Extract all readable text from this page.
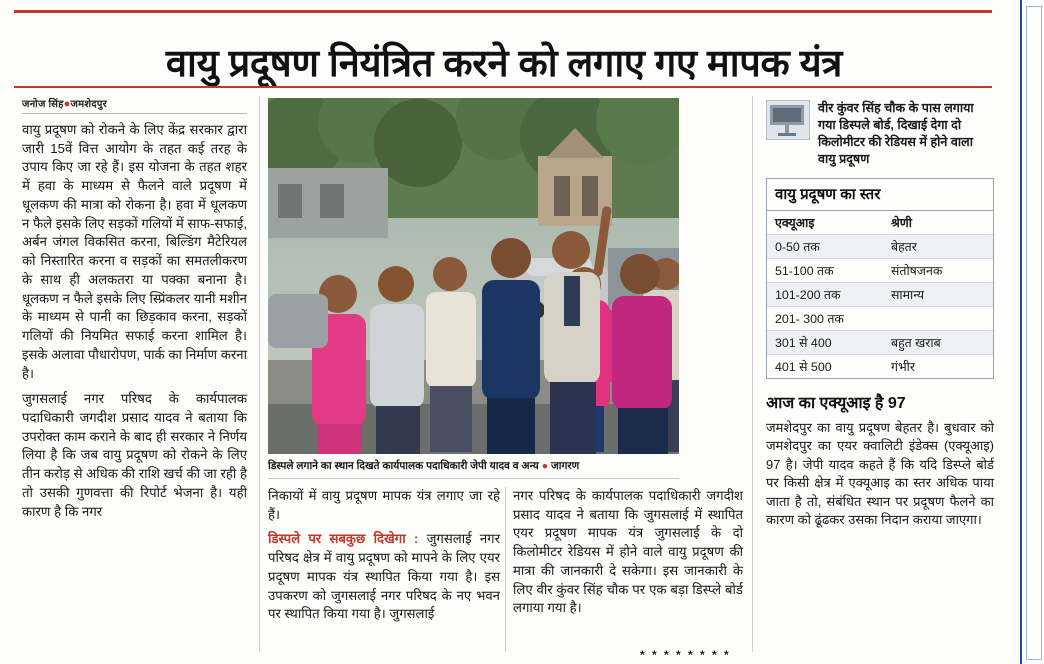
वायु प्रदूषण नियंत्रित करने को लगाए गए मापक यंत्र
जनोज सिंह●जमशेदपुर

वायु प्रदूषण को रोकने के लिए केंद्र सरकार द्वारा जारी 15वें वित्त आयोग के तहत कई तरह के उपाय किए जा रहे हैं। इस योजना के तहत शहर में हवा के माध्यम से फैलने वाले प्रदूषण में धूलकण की मात्रा को रोकना है। हवा में धूलकण न फैले इसके लिए सड़कों गलियों में साफ-सफाई, अर्बन जंगल विकसित करना, बिल्डिंग मैटेरियल को निस्तारित करना व सड़कों का समतलीकरण के साथ ही अलकतरा या पक्का बनाना है। धूलकण न फैले इसके लिए स्प्रिंकलर यानी मशीन के माध्यम से पानी का छिड़काव करना, सड़कों गलियों की नियमित सफाई करना शामिल है। इसके अलावा पौधारोपण, पार्क का निर्माण करना है।

जुगसलाई नगर परिषद के कार्यपालक पदाधिकारी जगदीश प्रसाद यादव ने बताया कि उपरोक्त काम कराने के बाद ही सरकार ने निर्णय लिया है कि जब वायु प्रदूषण को रोकने के लिए तीन करोड़ से अधिक की राशि खर्च की जा रही है तो उसकी गुणवत्ता की रिपोर्ट भेजना है। यही कारण है कि नगर

डिस्पले लगाने का स्थान दिखते कार्यपालक पदाधिकारी जेपी यादव व अन्य ● जागरण

निकायों में वायु प्रदूषण मापक यंत्र लगाए जा रहे हैं।

डिस्पले पर सबकुछ दिखेगा : जुगसलाई नगर परिषद क्षेत्र में वायु प्रदूषण को मापने के लिए एयर प्रदूषण मापक यंत्र स्थापित किया गया है। इस उपकरण को जुगसलाई नगर परिषद के नए भवन पर स्थापित किया गया है। जुगसलाई

नगर परिषद के कार्यपालक पदाधिकारी जगदीश प्रसाद यादव ने बताया कि जुगसलाई में स्थापित एयर प्रदूषण मापक यंत्र जुगसलाई के दो किलोमीटर रेडियस में होने वाले वायु प्रदूषण की मात्रा की जानकारी दे सकेगा। इस जानकारी के लिए वीर कुंवर सिंह चौक पर एक बड़ा डिस्प्ले बोर्ड लगाया गया है।

वीर कुंवर सिंह चौक के पास लगाया गया डिस्पले बोर्ड, दिखाई देगा दो किलोमीटर की रेडियस में होने वाला वायु प्रदूषण
वायु प्रदूषण का स्तर
एक्यूआइ	श्रेणी
0-50 तक	बेहतर
51-100 तक	संतोषजनक
101-200 तक	सामान्य
201- 300 तक
301 से 400	बहुत खराब
401 से 500	गंभीर
आज का एक्यूआइ है 97

जमशेदपुर का वायु प्रदूषण बेहतर है। बुधवार को जमशेदपुर का एयर क्वालिटी इंडेक्स (एक्यूआइ) 97 है। जेपी यादव कहते हैं कि यदि डिस्प्ले बोर्ड पर किसी क्षेत्र में एक्यूआइ का स्तर अधिक पाया जाता है तो, संबंधित स्थान पर प्रदूषण फैलने का कारण को ढूंढकर उसका निदान कराया जाएगा।

* * * * * * * *
